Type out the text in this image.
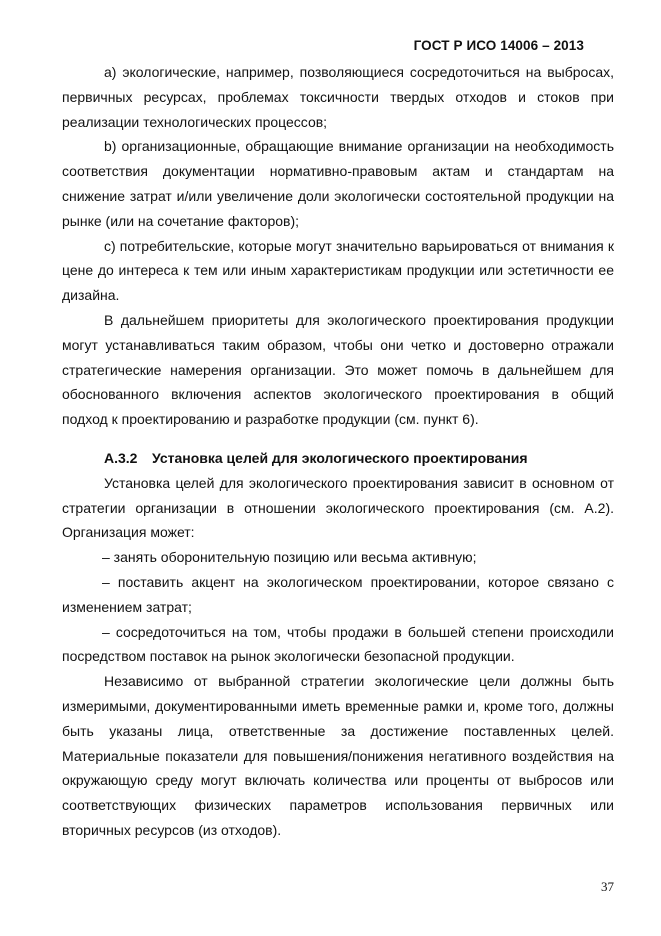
ГОСТ Р ИСО 14006 – 2013

а) экологические, например, позволяющиеся сосредоточиться на выбросах, первичных ресурсах, проблемах токсичности твердых отходов и стоков при реализации технологических процессов;

b) организационные, обращающие внимание организации на необходимость соответствия документации нормативно-правовым актам и стандартам на снижение затрат и/или увеличение доли экологически состоятельной продукции на рынке (или на сочетание факторов);

с) потребительские, которые могут значительно варьироваться от внимания к цене до интереса к тем или иным характеристикам продукции или эстетичности ее дизайна.

В дальнейшем приоритеты для экологического проектирования продукции могут устанавливаться таким образом, чтобы они четко и достоверно отражали стратегические намерения организации. Это может помочь в дальнейшем для обоснованного включения аспектов экологического проектирования в общий подход к проектированию и разработке продукции (см. пункт 6).

А.3.2 Установка целей для экологического проектирования

Установка целей для экологического проектирования зависит в основном от стратегии организации в отношении экологического проектирования (см. А.2). Организация может:

– занять оборонительную позицию или весьма активную;

– поставить акцент на экологическом проектировании, которое связано с изменением затрат;

– сосредоточиться на том, чтобы продажи в большей степени происходили посредством поставок на рынок экологически безопасной продукции.

Независимо от выбранной стратегии экологические цели должны быть измеримыми, документированными иметь временные рамки и, кроме того, должны быть указаны лица, ответственные за достижение поставленных целей. Материальные показатели для повышения/понижения негативного воздействия на окружающую среду могут включать количества или проценты от выбросов или соответствующих физических параметров использования первичных или вторичных ресурсов (из отходов).

37
